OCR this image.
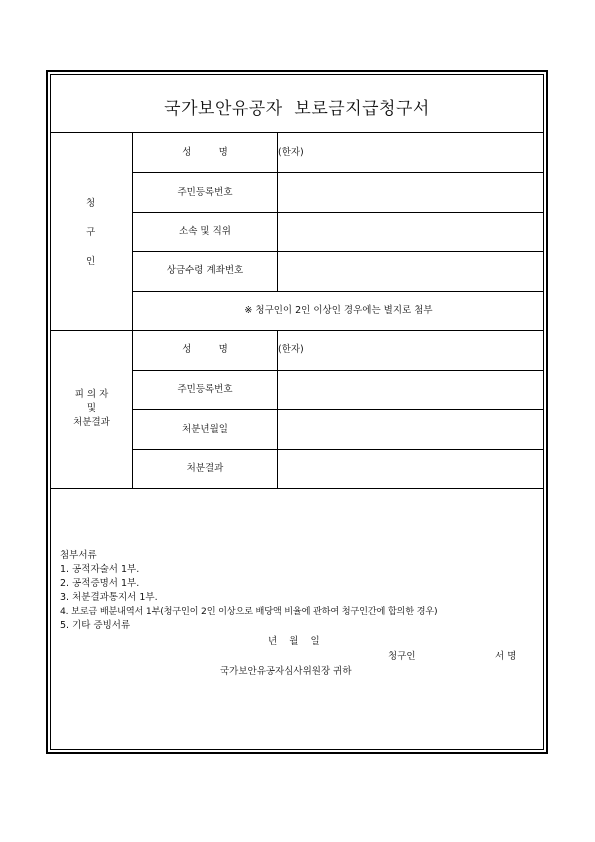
국가보안유공자  보로금지급청구서
청
구
인
성         명	(한자)
주민등록번호
소속 및 직위
상금수령 계좌번호
※ 청구인이 2인 이상인 경우에는 별지로 첨부
피 의 자
및
처분결과
성         명	(한자)
주민등록번호
처분년월일
처분결과
첨부서류
1. 공적자술서 1부.
2. 공적증명서 1부.
3. 처분결과통지서 1부.
4. 보로금 배분내역서 1부(청구인이 2인 이상으로 배당액 비율에 관하여 청구인간에 합의한 경우)
5. 기타 증빙서류
년    월    일
청구인	서 명
국가보안유공자심사위원장 귀하
